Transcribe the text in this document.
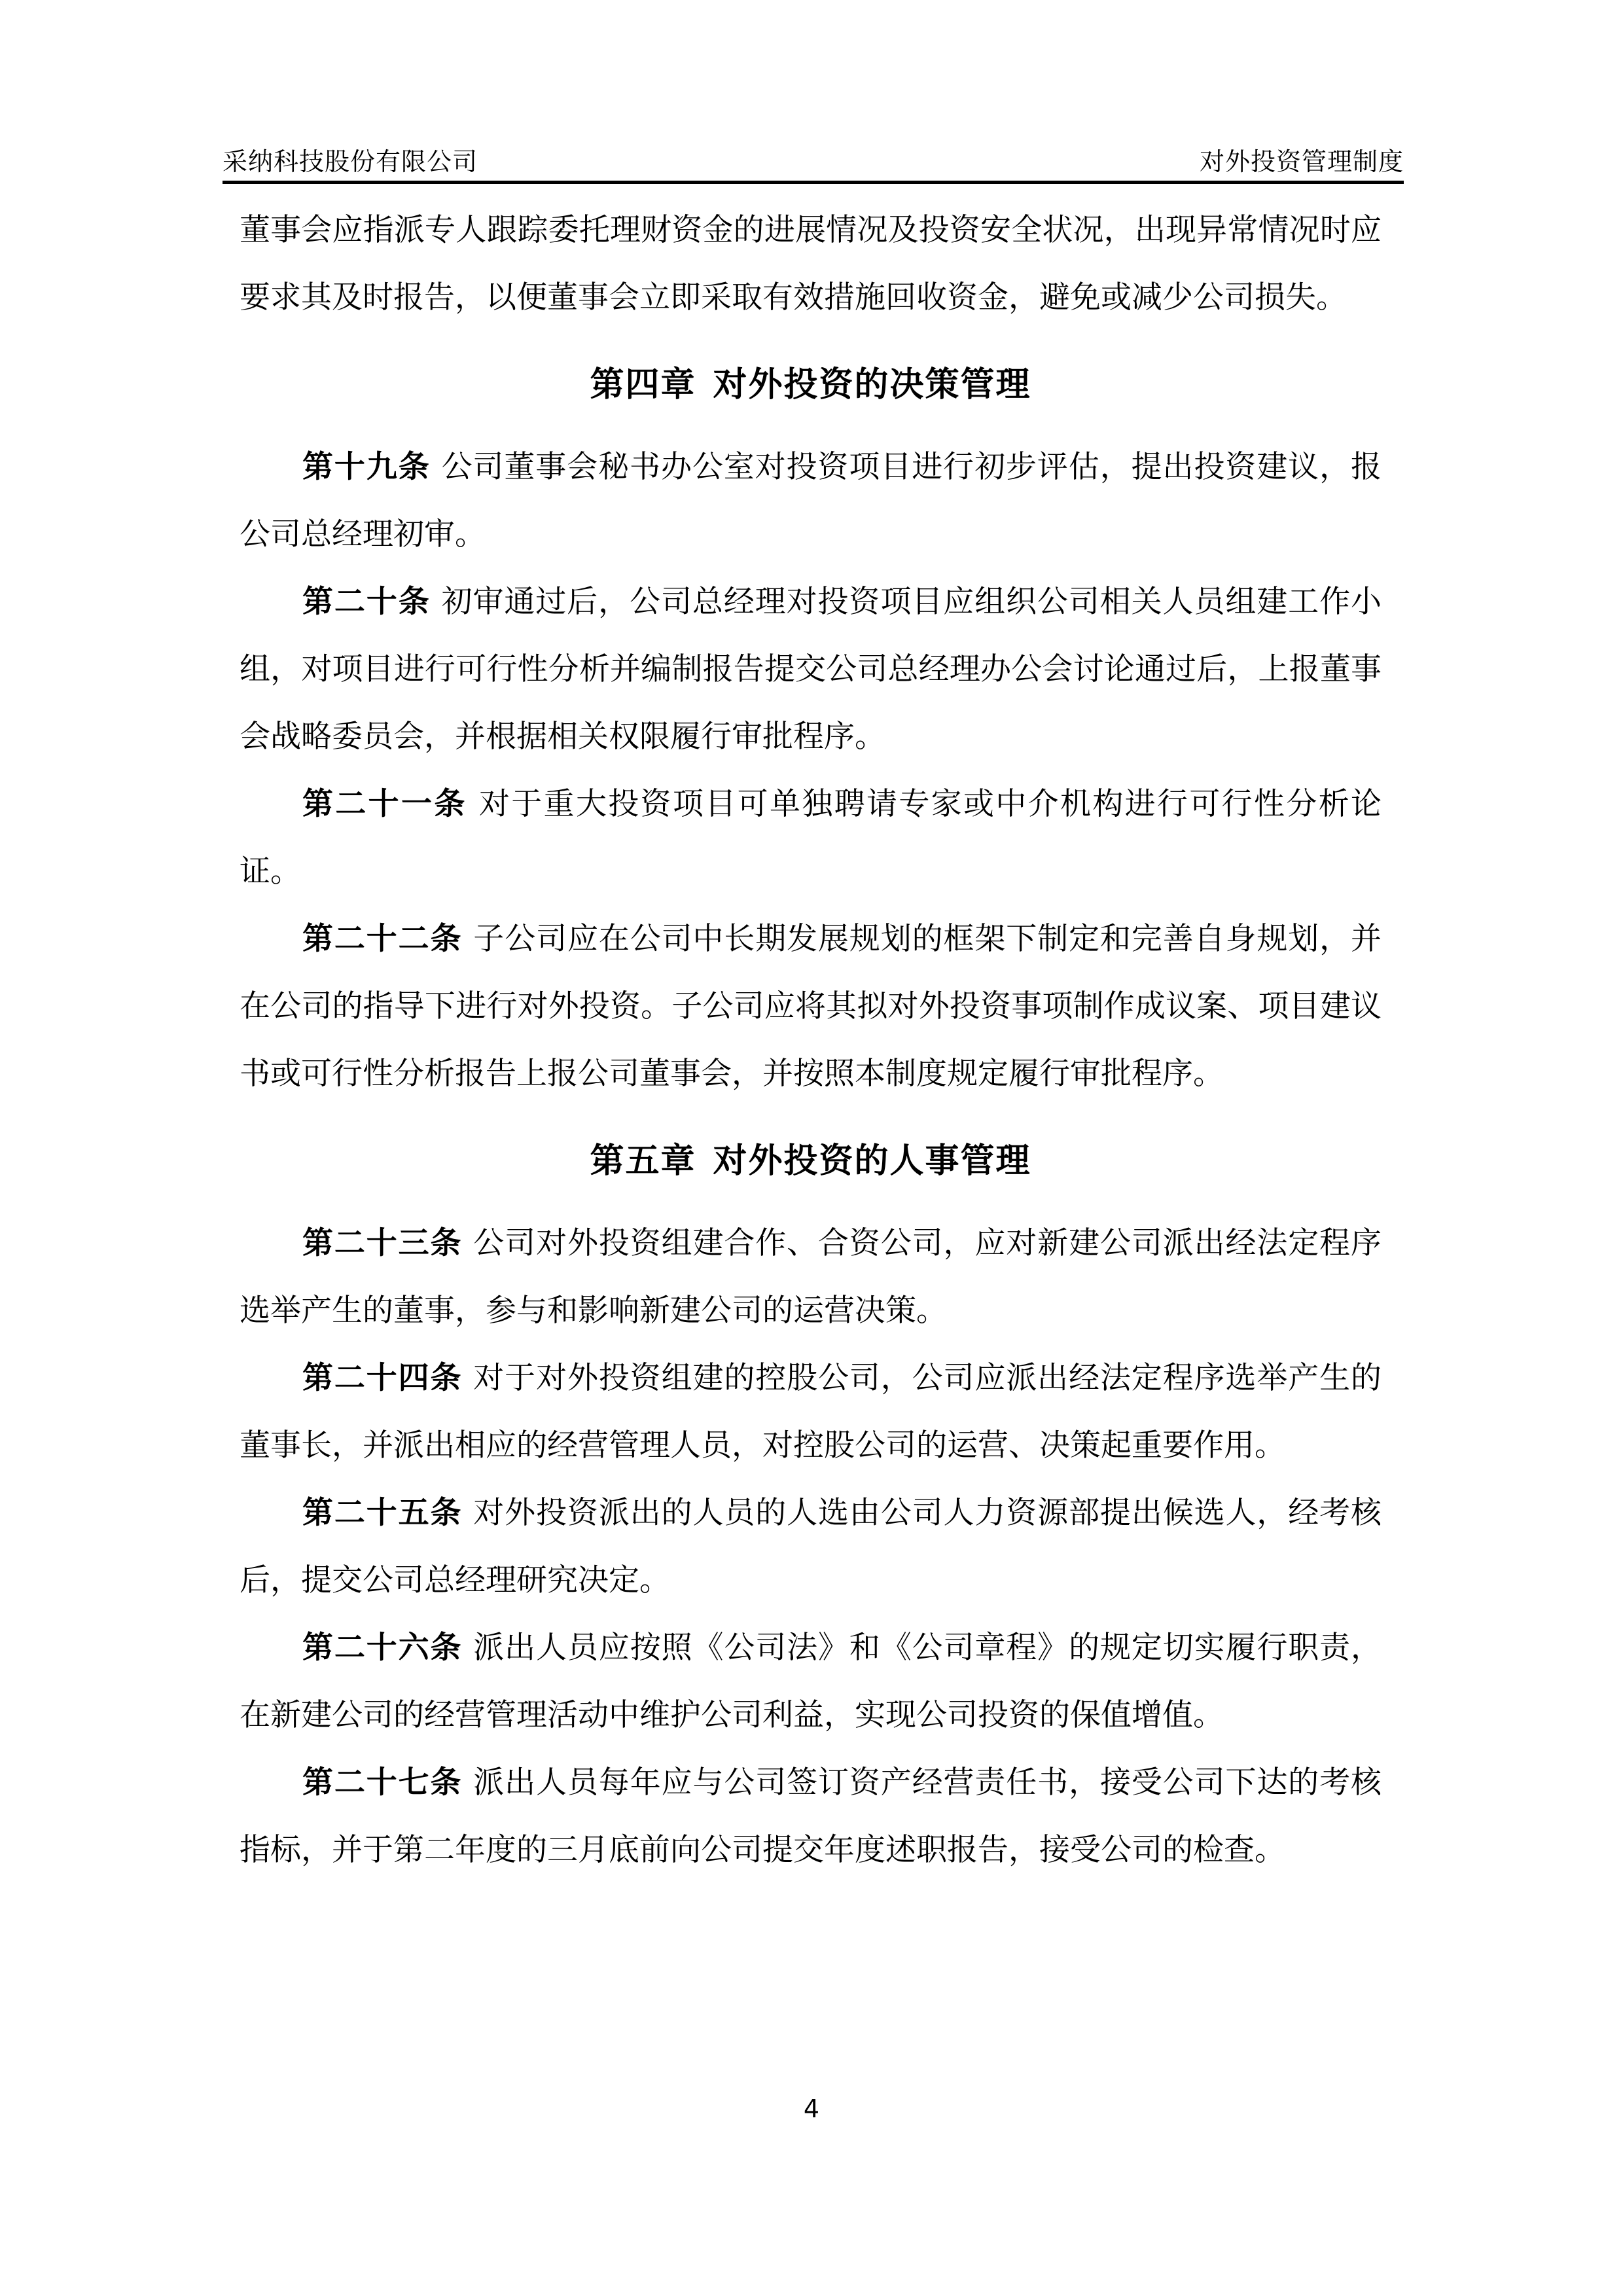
采纳科技股份有限公司	对外投资管理制度

董事会应指派专人跟踪委托理财资金的进展情况及投资安全状况，出现异常情况时应要求其及时报告，以便董事会立即采取有效措施回收资金，避免或减少公司损失。

第四章 对外投资的决策管理

第十九条 公司董事会秘书办公室对投资项目进行初步评估，提出投资建议，报公司总经理初审。

第二十条 初审通过后，公司总经理对投资项目应组织公司相关人员组建工作小组，对项目进行可行性分析并编制报告提交公司总经理办公会讨论通过后，上报董事会战略委员会，并根据相关权限履行审批程序。

第二十一条 对于重大投资项目可单独聘请专家或中介机构进行可行性分析论证。

第二十二条 子公司应在公司中长期发展规划的框架下制定和完善自身规划，并在公司的指导下进行对外投资。子公司应将其拟对外投资事项制作成议案、项目建议书或可行性分析报告上报公司董事会，并按照本制度规定履行审批程序。

第五章 对外投资的人事管理

第二十三条 公司对外投资组建合作、合资公司，应对新建公司派出经法定程序选举产生的董事，参与和影响新建公司的运营决策。

第二十四条 对于对外投资组建的控股公司，公司应派出经法定程序选举产生的董事长，并派出相应的经营管理人员，对控股公司的运营、决策起重要作用。

第二十五条 对外投资派出的人员的人选由公司人力资源部提出候选人，经考核后，提交公司总经理研究决定。

第二十六条 派出人员应按照《公司法》和《公司章程》的规定切实履行职责，在新建公司的经营管理活动中维护公司利益，实现公司投资的保值增值。

第二十七条 派出人员每年应与公司签订资产经营责任书，接受公司下达的考核指标，并于第二年度的三月底前向公司提交年度述职报告，接受公司的检查。

4
